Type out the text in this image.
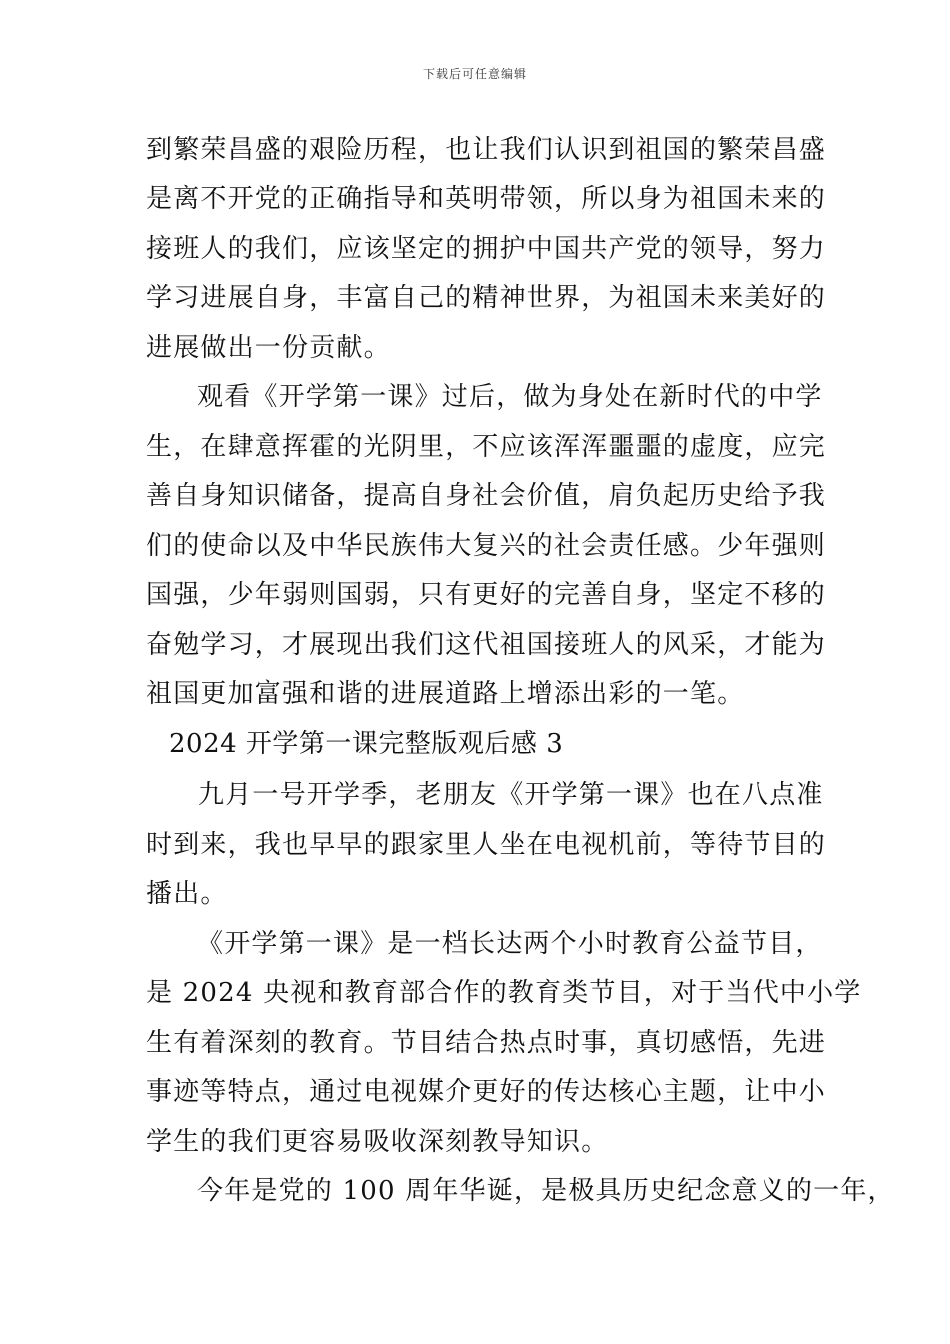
下载后可任意编辑
到繁荣昌盛的艰险历程，也让我们认识到祖国的繁荣昌盛
是离不开党的正确指导和英明带领，所以身为祖国未来的
接班人的我们，应该坚定的拥护中国共产党的领导，努力
学习进展自身，丰富自己的精神世界，为祖国未来美好的
进展做出一份贡献。
观看《开学第一课》过后，做为身处在新时代的中学
生，在肆意挥霍的光阴里，不应该浑浑噩噩的虚度，应完
善自身知识储备，提高自身社会价值，肩负起历史给予我
们的使命以及中华民族伟大复兴的社会责任感。少年强则
国强，少年弱则国弱，只有更好的完善自身，坚定不移的
奋勉学习，才展现出我们这代祖国接班人的风采，才能为
祖国更加富强和谐的进展道路上增添出彩的一笔。
2024 开学第一课完整版观后感 3
九月一号开学季，老朋友《开学第一课》也在八点准
时到来，我也早早的跟家里人坐在电视机前，等待节目的
播出。
《开学第一课》是一档长达两个小时教育公益节目，
是 2024 央视和教育部合作的教育类节目，对于当代中小学
生有着深刻的教育。节目结合热点时事，真切感悟，先进
事迹等特点，通过电视媒介更好的传达核心主题，让中小
学生的我们更容易吸收深刻教导知识。
今年是党的 100 周年华诞，是极具历史纪念意义的一年，
